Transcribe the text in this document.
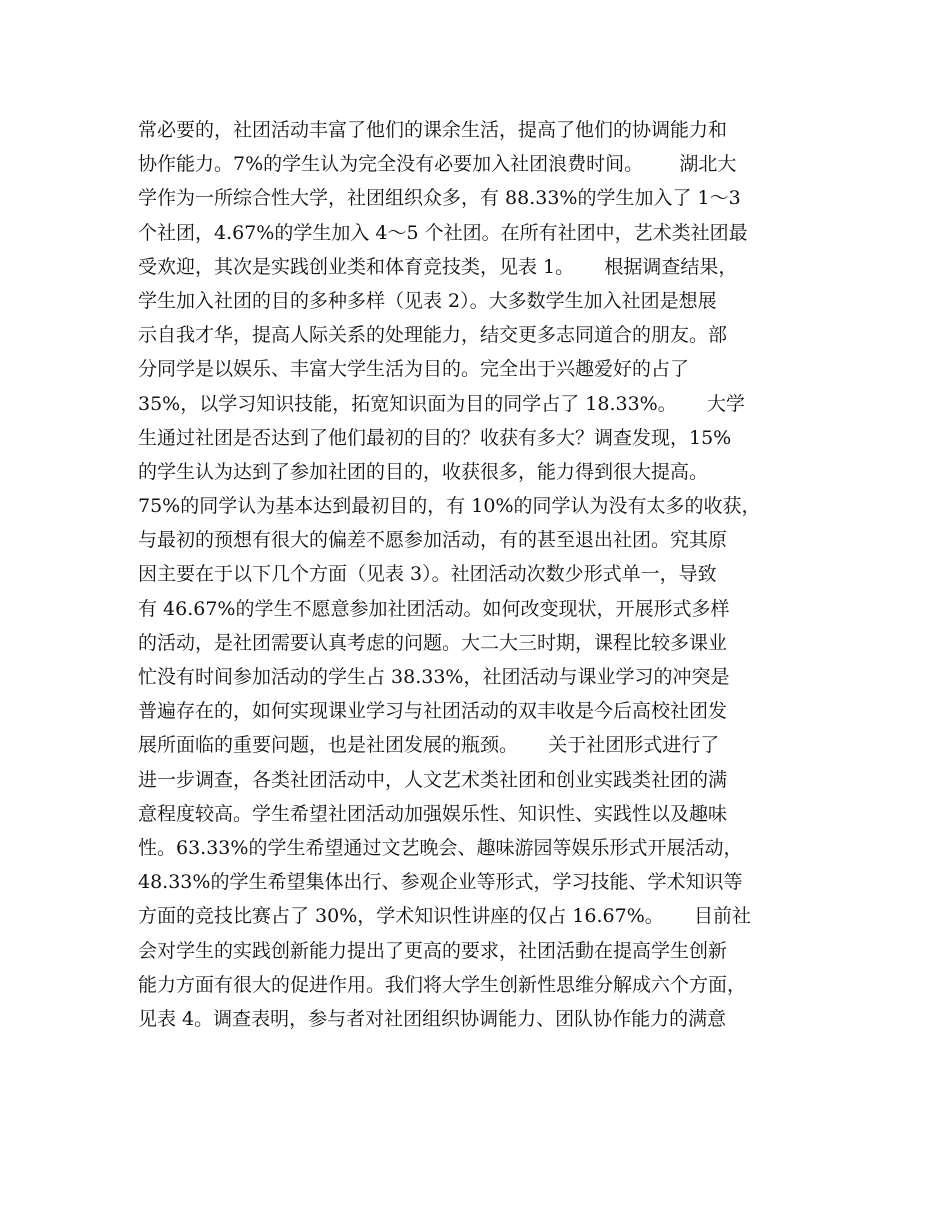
常必要的，社团活动丰富了他们的课余生活，提高了他们的协调能力和
协作能力。7%的学生认为完全没有必要加入社团浪费时间。      湖北大
学作为一所综合性大学，社团组织众多，有 88.33%的学生加入了 1～3
个社团，4.67%的学生加入 4～5 个社团。在所有社团中，艺术类社团最
受欢迎，其次是实践创业类和体育竞技类，见表 1。     根据调查结果，
学生加入社团的目的多种多样（见表 2）。大多数学生加入社团是想展
示自我才华，提高人际关系的处理能力，结交更多志同道合的朋友。部
分同学是以娱乐、丰富大学生活为目的。完全出于兴趣爱好的占了
35%，以学习知识技能，拓宽知识面为目的同学占了 18.33%。     大学
生通过社团是否达到了他们最初的目的？收获有多大？调查发现，15%
的学生认为达到了参加社团的目的，收获很多，能力得到很大提高。
75%的同学认为基本达到最初目的，有 10%的同学认为没有太多的收获，
与最初的预想有很大的偏差不愿参加活动，有的甚至退出社团。究其原
因主要在于以下几个方面（见表 3）。社团活动次数少形式单一，导致
有 46.67%的学生不愿意参加社团活动。如何改变现状，开展形式多样
的活动，是社团需要认真考虑的问题。大二大三时期，课程比较多课业
忙没有时间参加活动的学生占 38.33%，社团活动与课业学习的冲突是
普遍存在的，如何实现课业学习与社团活动的双丰收是今后高校社团发
展所面临的重要问题，也是社团发展的瓶颈。     关于社团形式进行了
进一步调查，各类社团活动中，人文艺术类社团和创业实践类社团的满
意程度较高。学生希望社团活动加强娱乐性、知识性、实践性以及趣味
性。63.33%的学生希望通过文艺晚会、趣味游园等娱乐形式开展活动，
48.33%的学生希望集体出行、参观企业等形式，学习技能、学术知识等
方面的竞技比赛占了 30%，学术知识性讲座的仅占 16.67%。     目前社
会对学生的实践创新能力提出了更高的要求，社团活動在提高学生创新
能力方面有很大的促进作用。我们将大学生创新性思维分解成六个方面，
见表 4。调查表明，参与者对社团组织协调能力、团队协作能力的满意
